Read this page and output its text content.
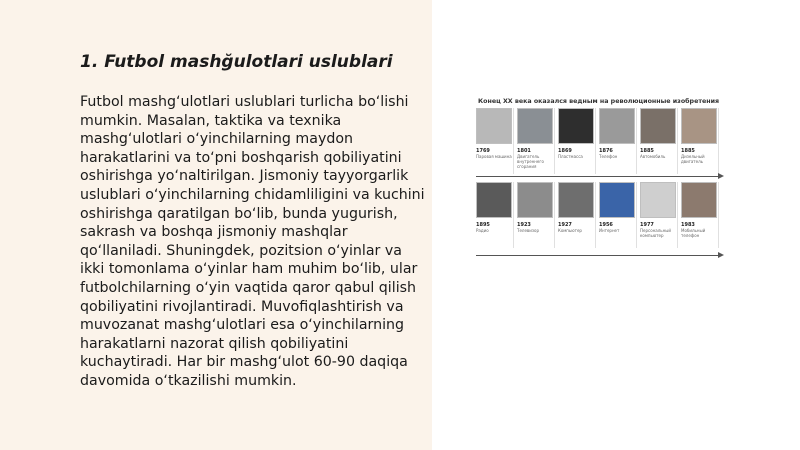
1. Futbol mashğulotlari uslublari

Futbol mashg‘ulotlari uslublari turlicha bo‘lishi mumkin. Masalan, taktika va texnika mashg‘ulotlari o‘yinchilarning maydon harakatlarini va to‘pni boshqarish qobiliyatini oshirishga yo‘naltirilgan. Jismoniy tayyorgarlik uslublari o‘yinchilarning chidamliligini va kuchini oshirishga qaratilgan bo‘lib, bunda yugurish, sakrash va boshqa jismoniy mashqlar qo‘llaniladi. Shuningdek, pozitsion o‘yinlar va ikki tomonlama o‘yinlar ham muhim bo‘lib, ular futbolchilarning o‘yin vaqtida qaror qabul qilish qobiliyatini rivojlantiradi. Muvofiqlashtirish va muvozanat mashg‘ulotlari esa o‘yinchilarning harakatlarni nazorat qilish qobiliyatini kuchaytiradi. Har bir mashg‘ulot 60-90 daqiqa davomida o‘tkazilishi mumkin.

Конец XX века оказался ведным на революционные изобретения
1769
Паровая машина
1801
Двигатель внутреннего сгорания
1869
Пластмасса
1876
Телефон
1885
Автомобиль
1885
Дизельный двигатель
1895
Радио
1923
Телевизор
1927
Компьютер
1956
Интернет
1977
Персональный компьютер
1983
Мобильный телефон
